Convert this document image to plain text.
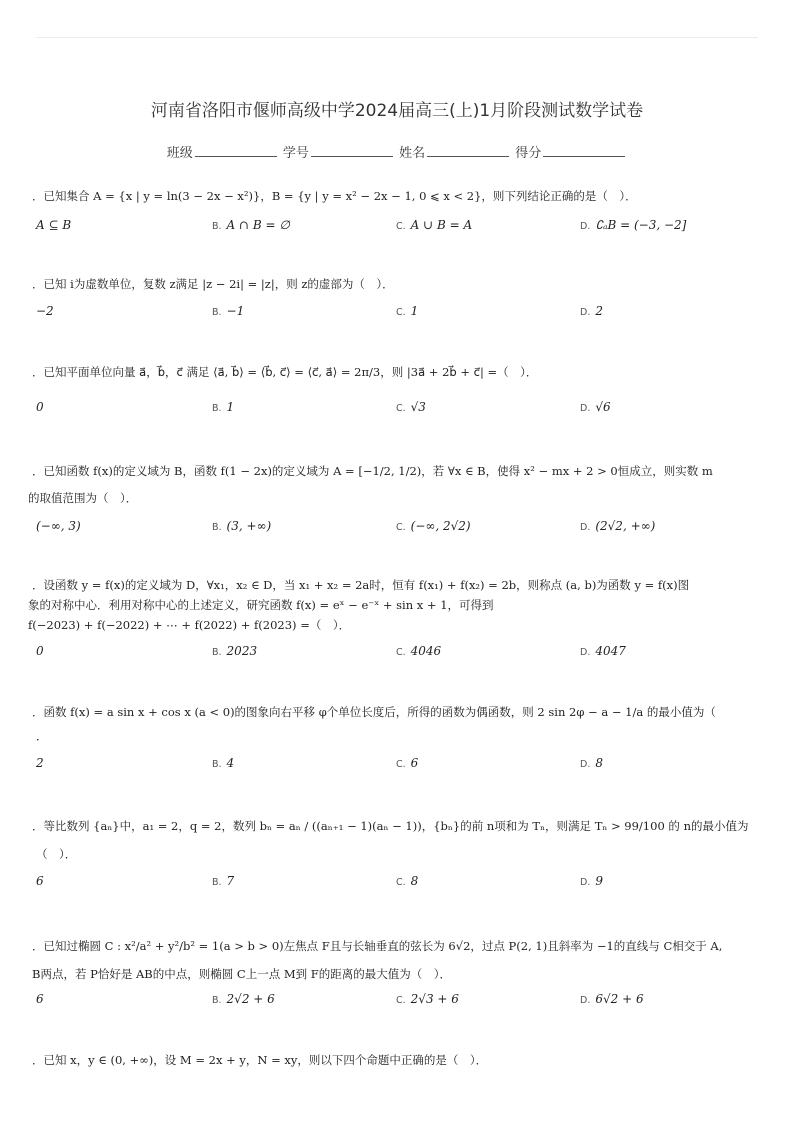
河南省洛阳市偃师高级中学2024届高三(上)1月阶段测试数学试卷
班级	学号	姓名	得分
．已知集合 A = {x | y = ln(3 − 2x − x²)}，B = {y | y = x² − 2x − 1, 0 ⩽ x < 2}，则下列结论正确的是（　）．
A ⊆ B	B. A ∩ B = ∅	C. A ∪ B = A	D. ∁ₐB = (−3, −2]
．已知 i为虚数单位，复数 z满足 |z − 2i| = |z|，则 z的虚部为（　）．
−2	B. −1	C. 1	D. 2
．已知平面单位向量 a⃗，b⃗，c⃗ 满足 ⟨a⃗, b⃗⟩ = ⟨b⃗, c⃗⟩ = ⟨c⃗, a⃗⟩ = 2π/3，则 |3a⃗ + 2b⃗ + c⃗| =（　）．
0	B. 1	C. √3	D. √6
．已知函数 f(x)的定义域为 B，函数 f(1 − 2x)的定义域为 A = [−1/2, 1/2)，若 ∀x ∈ B，使得 x² − mx + 2 > 0恒成立，则实数 m
的取值范围为（　）．
(−∞, 3)	B. (3, +∞)	C. (−∞, 2√2)	D. (2√2, +∞)
．设函数 y = f(x)的定义域为 D，∀x₁，x₂ ∈ D，当 x₁ + x₂ = 2a时，恒有 f(x₁) + f(x₂) = 2b，则称点 (a, b)为函数 y = f(x)图
象的对称中心．利用对称中心的上述定义，研究函数 f(x) = eˣ − e⁻ˣ + sin x + 1，可得到
f(−2023) + f(−2022) + ⋯ + f(2022) + f(2023) =（　）．
0	B. 2023	C. 4046	D. 4047
．函数 f(x) = a sin x + cos x (a < 0)的图象向右平移 φ个单位长度后，所得的函数为偶函数，则 2 sin 2φ − a − 1/a 的最小值为（
．
2	B. 4	C. 6	D. 8
．等比数列 {aₙ}中，a₁ = 2，q = 2，数列 bₙ = aₙ / ((aₙ₊₁ − 1)(aₙ − 1))，{bₙ}的前 n项和为 Tₙ，则满足 Tₙ > 99/100 的 n的最小值为
（　）．
6	B. 7	C. 8	D. 9
．已知过椭圆 C : x²/a² + y²/b² = 1(a > b > 0)左焦点 F且与长轴垂直的弦长为 6√2，过点 P(2, 1)且斜率为 −1的直线与 C相交于 A,
B两点，若 P恰好是 AB的中点，则椭圆 C上一点 M到 F的距离的最大值为（　）．
6	B. 2√2 + 6	C. 2√3 + 6	D. 6√2 + 6
．已知 x，y ∈ (0, +∞)，设 M = 2x + y，N = xy，则以下四个命题中正确的是（　）．
